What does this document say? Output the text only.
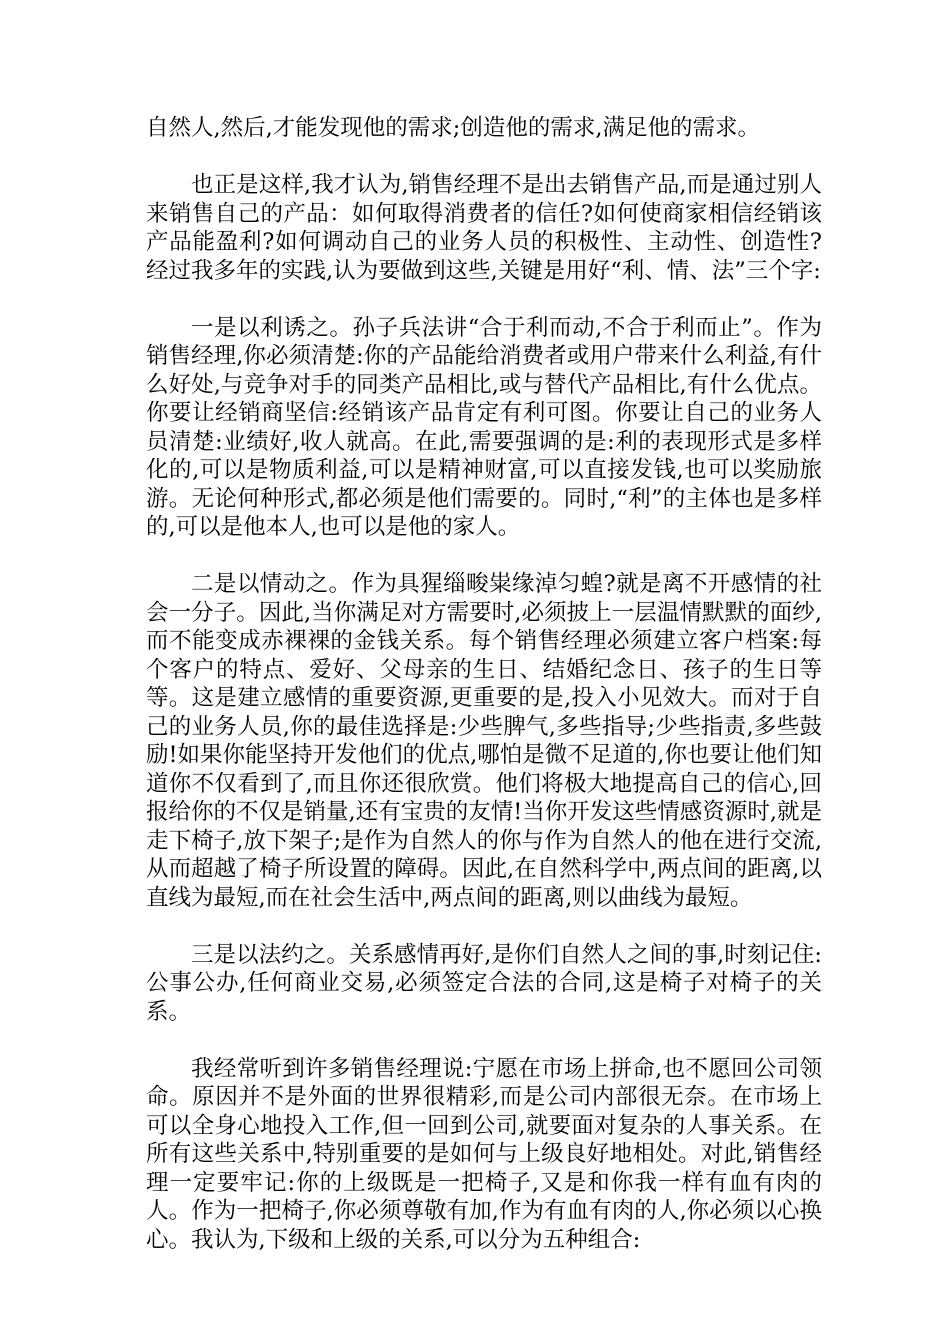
自然人,然后,才能发现他的需求;创造他的需求,满足他的需求。

也正是这样,我才认为,销售经理不是出去销售产品,而是通过别人来销售自己的产品：如何取得消费者的信任?如何使商家相信经销该产品能盈利?如何调动自己的业务人员的积极性、主动性、创造性?经过我多年的实践,认为要做到这些,关键是用好“利、情、法”三个字:

一是以利诱之。孙子兵法讲“合于利而动,不合于利而止”。作为销售经理,你必须清楚:你的产品能给消费者或用户带来什么利益,有什么好处,与竞争对手的同类产品相比,或与替代产品相比,有什么优点。你要让经销商坚信:经销该产品肯定有利可图。你要让自己的业务人员清楚:业绩好,收人就高。在此,需要强调的是:利的表现形式是多样化的,可以是物质利益,可以是精神财富,可以直接发钱,也可以奖励旅游。无论何种形式,都必须是他们需要的。同时,“利”的主体也是多样的,可以是他本人,也可以是他的家人。

二是以情动之。作为具猩缁畯粜缘淖匀蝗?就是离不开感情的社会一分子。因此,当你满足对方需要时,必须披上一层温情默默的面纱,而不能变成赤裸裸的金钱关系。每个销售经理必须建立客户档案:每个客户的特点、爱好、父母亲的生日、结婚纪念日、孩子的生日等等。这是建立感情的重要资源,更重要的是,投入小见效大。而对于自己的业务人员,你的最佳选择是:少些脾气,多些指导;少些指责,多些鼓励!如果你能坚持开发他们的优点,哪怕是微不足道的,你也要让他们知道你不仅看到了,而且你还很欣赏。他们将极大地提高自己的信心,回报给你的不仅是销量,还有宝贵的友情!当你开发这些情感资源时,就是走下椅子,放下架子;是作为自然人的你与作为自然人的他在进行交流,从而超越了椅子所设置的障碍。因此,在自然科学中,两点间的距离,以直线为最短,而在社会生活中,两点间的距离,则以曲线为最短。

三是以法约之。关系感情再好,是你们自然人之间的事,时刻记住:公事公办,任何商业交易,必须签定合法的合同,这是椅子对椅子的关系。

我经常听到许多销售经理说:宁愿在市场上拼命,也不愿回公司领命。原因并不是外面的世界很精彩,而是公司内部很无奈。在市场上可以全身心地投入工作,但一回到公司,就要面对复杂的人事关系。在所有这些关系中,特别重要的是如何与上级良好地相处。对此,销售经理一定要牢记:你的上级既是一把椅子,又是和你我一样有血有肉的人。作为一把椅子,你必须尊敬有加,作为有血有肉的人,你必须以心换心。我认为,下级和上级的关系,可以分为五种组合:
